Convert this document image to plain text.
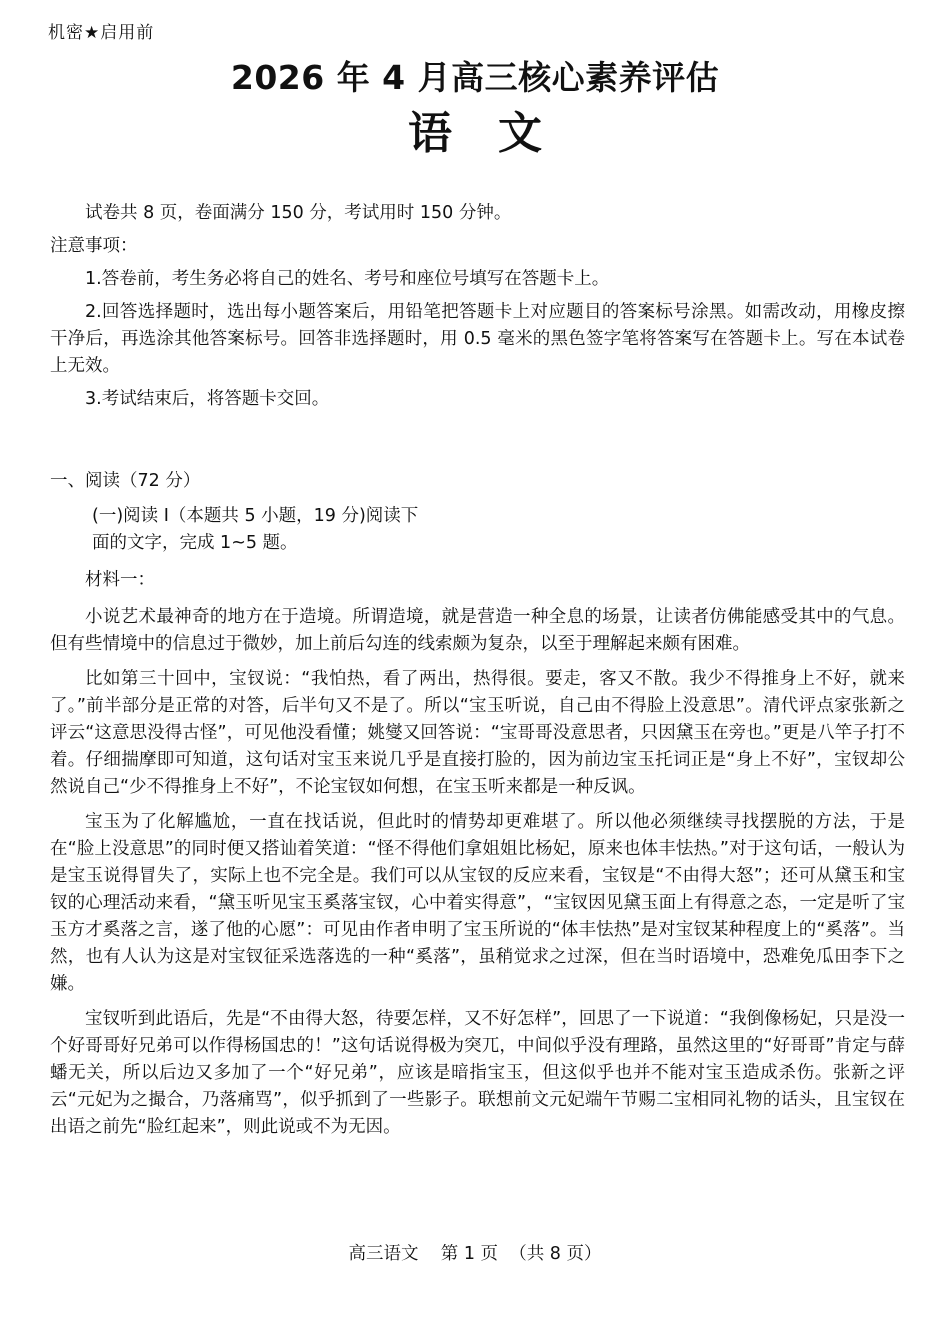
机密★启用前
2026 年 4 月高三核心素养评估
语文

试卷共 8 页，卷面满分 150 分，考试用时 150 分钟。

注意事项：

1.答卷前，考生务必将自己的姓名、考号和座位号填写在答题卡上。

2.回答选择题时，选出每小题答案后，用铅笔把答题卡上对应题目的答案标号涂黑。如需改动，用橡皮擦干净后，再选涂其他答案标号。回答非选择题时，用 0.5 毫米的黑色签字笔将答案写在答题卡上。写在本试卷上无效。

3.考试结束后，将答题卡交回。

一、阅读（72 分）

(一)阅读 Ⅰ（本题共 5 小题，19 分)阅读下面的文字，完成 1~5 题。

材料一：

小说艺术最神奇的地方在于造境。所谓造境，就是营造一种全息的场景，让读者仿佛能感受其中的气息。但有些情境中的信息过于微妙，加上前后勾连的线索颇为复杂，以至于理解起来颇有困难。

比如第三十回中，宝钗说：“我怕热，看了两出，热得很。要走，客又不散。我少不得推身上不好，就来了。”前半部分是正常的对答，后半句又不是了。所以“宝玉听说，自己由不得脸上没意思”。清代评点家张新之评云“这意思没得古怪”，可见他没看懂；姚燮又回答说：“宝哥哥没意思者，只因黛玉在旁也。”更是八竿子打不着。仔细揣摩即可知道，这句话对宝玉来说几乎是直接打脸的，因为前边宝玉托词正是“身上不好”，宝钗却公然说自己“少不得推身上不好”，不论宝钗如何想，在宝玉听来都是一种反讽。

宝玉为了化解尴尬，一直在找话说，但此时的情势却更难堪了。所以他必须继续寻找摆脱的方法，于是在“脸上没意思”的同时便又搭讪着笑道：“怪不得他们拿姐姐比杨妃，原来也体丰怯热。”对于这句话，一般认为是宝玉说得冒失了，实际上也不完全是。我们可以从宝钗的反应来看，宝钗是“不由得大怒”；还可从黛玉和宝钗的心理活动来看，“黛玉听见宝玉奚落宝钗，心中着实得意”，“宝钗因见黛玉面上有得意之态，一定是听了宝玉方才奚落之言，遂了他的心愿”：可见由作者申明了宝玉所说的“体丰怯热”是对宝钗某种程度上的“奚落”。当然，也有人认为这是对宝钗征采选落选的一种“奚落”，虽稍觉求之过深，但在当时语境中，恐难免瓜田李下之嫌。

宝钗听到此语后，先是“不由得大怒，待要怎样，又不好怎样”，回思了一下说道：“我倒像杨妃，只是没一个好哥哥好兄弟可以作得杨国忠的！”这句话说得极为突兀，中间似乎没有理路，虽然这里的“好哥哥”肯定与薛蟠无关，所以后边又多加了一个“好兄弟”，应该是暗指宝玉，但这似乎也并不能对宝玉造成杀伤。张新之评云“元妃为之撮合，乃落痛骂”，似乎抓到了一些影子。联想前文元妃端午节赐二宝相同礼物的话头，且宝钗在出语之前先“脸红起来”，则此说或不为无因。

高三语文 第 1 页 （共 8 页）
